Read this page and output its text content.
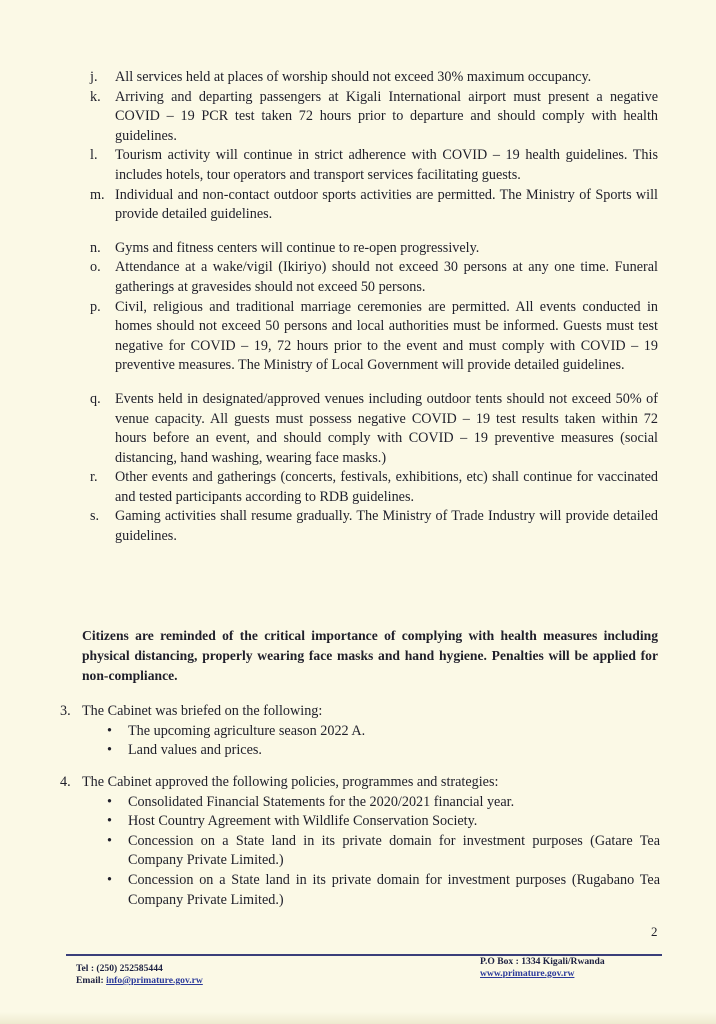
j. All services held at places of worship should not exceed 30% maximum occupancy.
k. Arriving and departing passengers at Kigali International airport must present a negative COVID – 19 PCR test taken 72 hours prior to departure and should comply with health guidelines.
l. Tourism activity will continue in strict adherence with COVID – 19 health guidelines. This includes hotels, tour operators and transport services facilitating guests.
m. Individual and non-contact outdoor sports activities are permitted. The Ministry of Sports will provide detailed guidelines.
n. Gyms and fitness centers will continue to re-open progressively.
o. Attendance at a wake/vigil (Ikiriyo) should not exceed 30 persons at any one time. Funeral gatherings at gravesides should not exceed 50 persons.
p. Civil, religious and traditional marriage ceremonies are permitted. All events conducted in homes should not exceed 50 persons and local authorities must be informed. Guests must test negative for COVID – 19, 72 hours prior to the event and must comply with COVID – 19 preventive measures. The Ministry of Local Government will provide detailed guidelines.
q. Events held in designated/approved venues including outdoor tents should not exceed 50% of venue capacity. All guests must possess negative COVID – 19 test results taken within 72 hours before an event, and should comply with COVID – 19 preventive measures (social distancing, hand washing, wearing face masks.)
r. Other events and gatherings (concerts, festivals, exhibitions, etc) shall continue for vaccinated and tested participants according to RDB guidelines.
s. Gaming activities shall resume gradually. The Ministry of Trade Industry will provide detailed guidelines.

Citizens are reminded of the critical importance of complying with health measures including physical distancing, properly wearing face masks and hand hygiene. Penalties will be applied for non-compliance.

3. The Cabinet was briefed on the following:
• The upcoming agriculture season 2022 A.
• Land values and prices.
4. The Cabinet approved the following policies, programmes and strategies:
• Consolidated Financial Statements for the 2020/2021 financial year.
• Host Country Agreement with Wildlife Conservation Society.
• Concession on a State land in its private domain for investment purposes (Gatare Tea Company Private Limited.)
• Concession on a State land in its private domain for investment purposes (Rugabano Tea Company Private Limited.)
2
Tel : (250) 252585444
Email: info@primature.gov.rw
P.O Box : 1334 Kigali/Rwanda
www.primature.gov.rw
